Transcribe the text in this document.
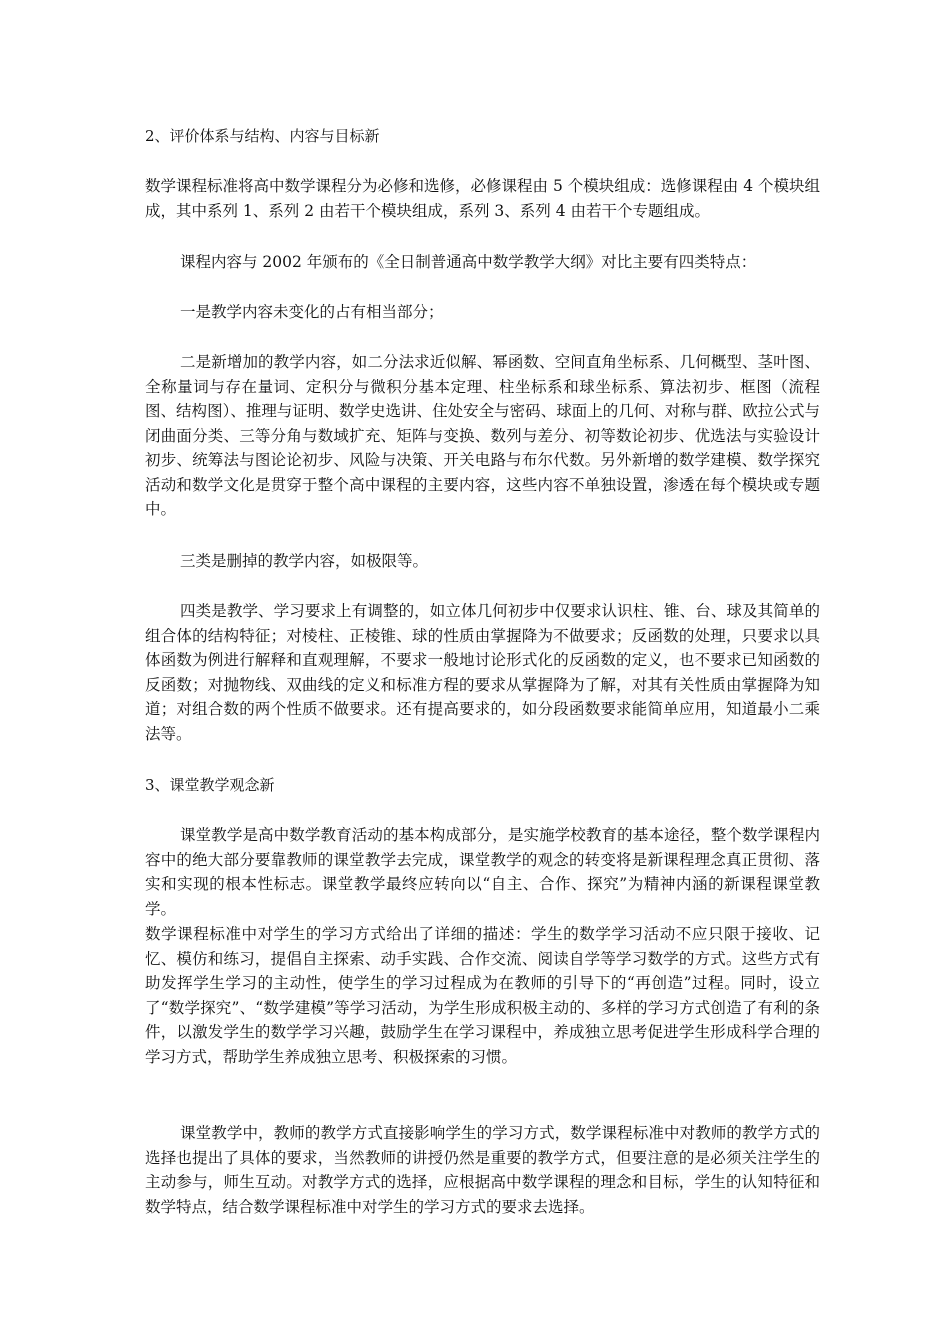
2、评价体系与结构、内容与目标新

数学课程标准将高中数学课程分为必修和选修，必修课程由 5 个模块组成：选修课程由 4 个模块组成，其中系列 1、系列 2 由若干个模块组成，系列 3、系列 4 由若干个专题组成。

课程内容与 2002 年颁布的《全日制普通高中数学教学大纲》对比主要有四类特点：

一是教学内容未变化的占有相当部分；

二是新增加的教学内容，如二分法求近似解、幂函数、空间直角坐标系、几何概型、茎叶图、全称量词与存在量词、定积分与微积分基本定理、柱坐标系和球坐标系、算法初步、框图（流程图、结构图）、推理与证明、数学史选讲、住处安全与密码、球面上的几何、对称与群、欧拉公式与闭曲面分类、三等分角与数域扩充、矩阵与变换、数列与差分、初等数论初步、优选法与实验设计初步、统筹法与图论论初步、风险与决策、开关电路与布尔代数。另外新增的数学建模、数学探究活动和数学文化是贯穿于整个高中课程的主要内容，这些内容不单独设置，渗透在每个模块或专题中。

三类是删掉的教学内容，如极限等。

四类是教学、学习要求上有调整的，如立体几何初步中仅要求认识柱、锥、台、球及其简单的组合体的结构特征；对棱柱、正棱锥、球的性质由掌握降为不做要求；反函数的处理，只要求以具体函数为例进行解释和直观理解，不要求一般地讨论形式化的反函数的定义，也不要求已知函数的反函数；对抛物线、双曲线的定义和标准方程的要求从掌握降为了解，对其有关性质由掌握降为知道；对组合数的两个性质不做要求。还有提高要求的，如分段函数要求能简单应用，知道最小二乘法等。

3、课堂教学观念新

课堂教学是高中数学教育活动的基本构成部分，是实施学校教育的基本途径，整个数学课程内容中的绝大部分要靠教师的课堂教学去完成，课堂教学的观念的转变将是新课程理念真正贯彻、落实和实现的根本性标志。课堂教学最终应转向以“自主、合作、探究”为精神内涵的新课程课堂教学。

数学课程标准中对学生的学习方式给出了详细的描述：学生的数学学习活动不应只限于接收、记忆、模仿和练习，提倡自主探索、动手实践、合作交流、阅读自学等学习数学的方式。这些方式有助发挥学生学习的主动性，使学生的学习过程成为在教师的引导下的“再创造”过程。同时，设立了“数学探究”、“数学建模”等学习活动，为学生形成积极主动的、多样的学习方式创造了有利的条件，以激发学生的数学学习兴趣，鼓励学生在学习课程中，养成独立思考促进学生形成科学合理的学习方式，帮助学生养成独立思考、积极探索的习惯。

课堂教学中，教师的教学方式直接影响学生的学习方式，数学课程标准中对教师的教学方式的选择也提出了具体的要求，当然教师的讲授仍然是重要的教学方式，但要注意的是必须关注学生的主动参与，师生互动。对教学方式的选择，应根据高中数学课程的理念和目标，学生的认知特征和数学特点，结合数学课程标准中对学生的学习方式的要求去选择。
